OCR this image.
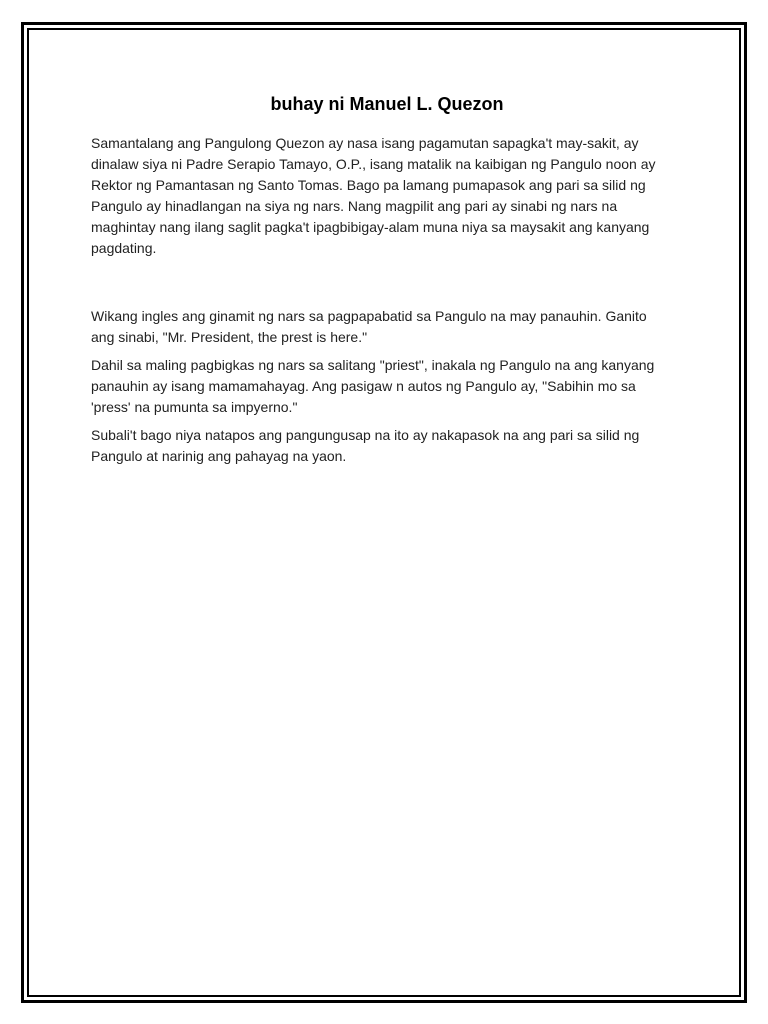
buhay ni Manuel L. Quezon

Samantalang ang Pangulong Quezon ay nasa isang pagamutan sapagka't may-sakit, ay dinalaw siya ni Padre Serapio Tamayo, O.P., isang matalik na kaibigan ng Pangulo noon ay Rektor ng Pamantasan ng Santo Tomas. Bago pa lamang pumapasok ang pari sa silid ng Pangulo ay hinadlangan na siya ng nars. Nang magpilit ang pari ay sinabi ng nars na maghintay nang ilang saglit pagka't ipagbibigay-alam muna niya sa maysakit ang kanyang pagdating.

Wikang ingles ang ginamit ng nars sa pagpapabatid sa Pangulo na may panauhin. Ganito ang sinabi, "Mr. President, the prest is here."

Dahil sa maling pagbigkas ng nars sa salitang "priest", inakala ng Pangulo na ang kanyang panauhin ay isang mamamahayag. Ang pasigaw n autos ng Pangulo ay, "Sabihin mo sa 'press' na pumunta sa impyerno."

Subali't bago niya natapos ang pangungusap na ito ay nakapasok na ang pari sa silid ng Pangulo at narinig ang pahayag na yaon.
